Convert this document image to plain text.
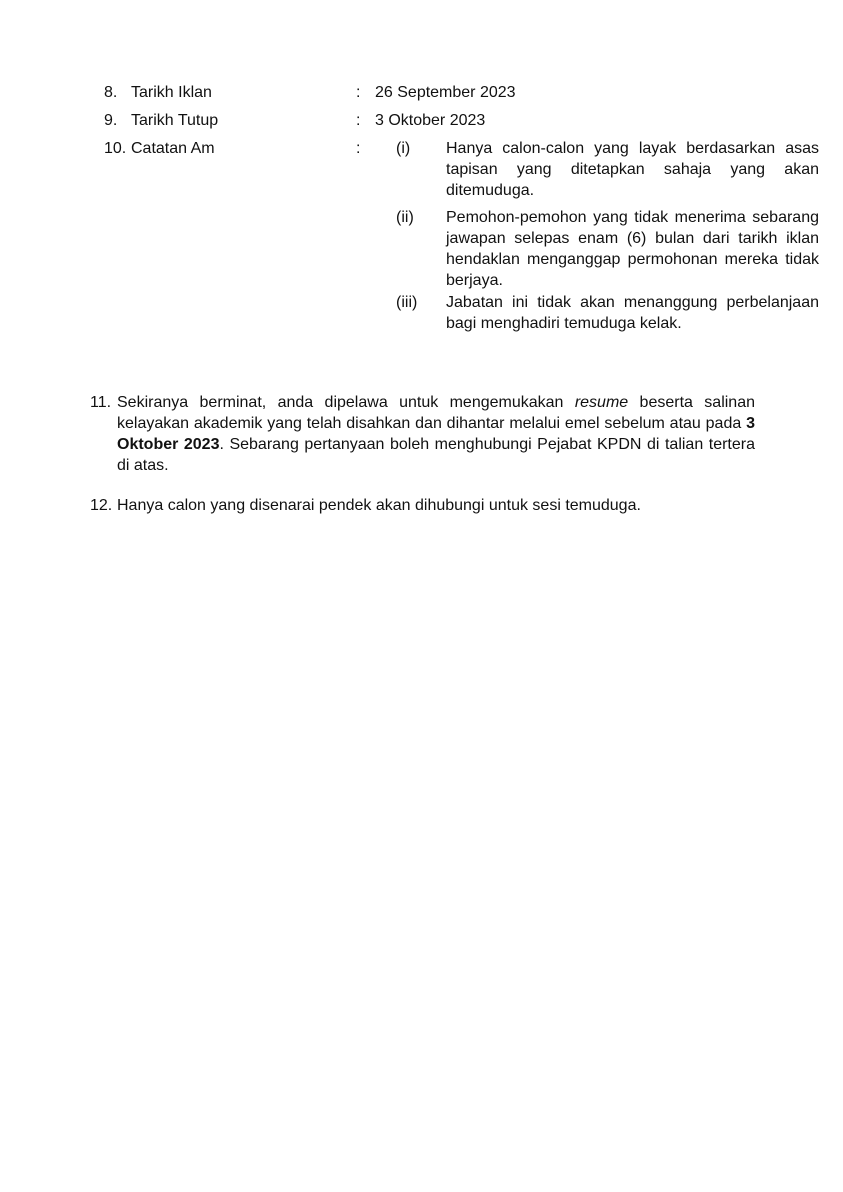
8. Tarikh Iklan	: 26 September 2023
9. Tarikh Tutup	: 3 Oktober 2023
10. Catatan Am	: (i) Hanya calon-calon yang layak berdasarkan asas tapisan yang ditetapkan sahaja yang akan ditemuduga.
(ii) Pemohon-pemohon yang tidak menerima sebarang jawapan selepas enam (6) bulan dari tarikh iklan hendaklan menganggap permohonan mereka tidak berjaya.
(iii) Jabatan ini tidak akan menanggung perbelanjaan bagi menghadiri temuduga kelak.
11. Sekiranya berminat, anda dipelawa untuk mengemukakan resume beserta salinan kelayakan akademik yang telah disahkan dan dihantar melalui emel sebelum atau pada 3 Oktober 2023. Sebarang pertanyaan boleh menghubungi Pejabat KPDN di talian tertera di atas.
12. Hanya calon yang disenarai pendek akan dihubungi untuk sesi temuduga.
